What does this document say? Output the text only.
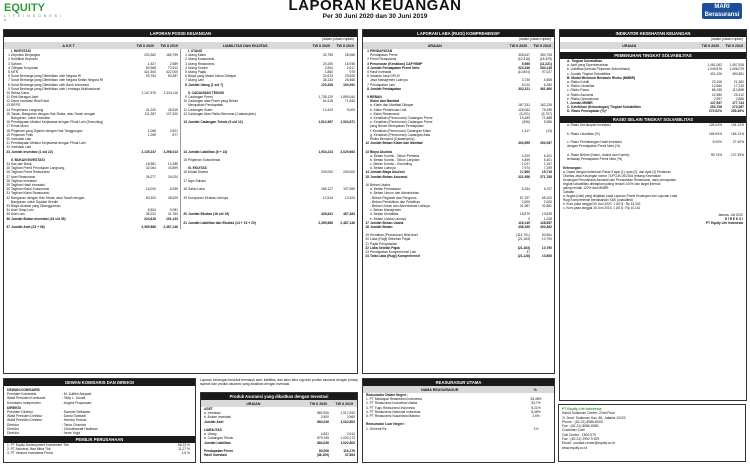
EQUITY
L I F E I N D O N E S I A
LAPORAN KEUANGAN
Per 30 Juni 2020 dan 30 Juni 2019
MARI Berasuransi
LAPORAN POSISI KEUANGAN
(dalam jutaan rupiah)
A S E T	TW II 2020	TW II 2019	LIABILITAS DAN EKUITAS	TW II 2020	TW II 2019
I. INVESTASI
1 Deposito Berjangka	230,362	165,799
2 Sertifikat Deposito
3 Saham	1,527	2,589
4 Obligasi Korporasi	84,968	73,912
5 MTN	421,500	422,000
6 Surat Berharga yang Diterbitkan oleh Negara RI	93,754	83,387
7 Surat Berharga yang Diterbitkan oleh Negara Selain Negara RI
8 Surat Berharga yang Diterbitkan oleh Bank Indonesia
9 Surat Berharga yang Diterbitkan oleh Lembaga Multinasional
10 Reksa Dana	1,147,575	1,334,116
11 Efek Beragun Aset
12 Dana Investasi Real Estat
13 REPO
14 Penyertaan Langsung	41,220	45,915
15 Tanah, Bangunan dengan Hak Strata, atau Tanah dengan	111,387	137,920
Bangunan, untuk Investasi
16 Pembiayaan Melalui Kerjasama dengan Pihak Lain (Executing)
17 Emas Murni
18 Pinjaman yang Dijamin dengan Hak Tanggungan	1,066	3,521
19 Pinjaman Polis	1,269	877
20 Investasi Lain
21 Pembiayaan Melalui Kerjasama dengan Pihak Lain
22 Investasi Lain
23 Jumlah Investasi (1 s/d 22)	2,135,247	2,296,013
II. BUKAN INVESTASI
24 Kas dan Bank	18,981	14,285
25 Tagihan Premi Penutupan Langsung	42,064	43,899
26 Tagihan Premi Reasuransi
27 Aset Reasuransi	26,277	34,024
28 Tagihan Investasi
29 Tagihan Hasil Investasi
30 Tagihan Klaim Koasuransi	16,020	8,935
31 Tagihan Klaim Reasuransi
32 Bangunan dengan Hak Strata, atau Tanah dengan	63,302	48,629
Bangunan untuk Dipakai Sendiri
33 Biaya Akuisisi yang Ditangguhkan
34 Aset Tetap Lain	8,504	9,081
35 Aset Lain	38,222	31,780
36 Jumlah Bukan Investasi (24 s/d 35)	224,618	191,133
37 Jumlah Aset (23 + 36)	2,359,866	2,487,146
I. UTANG
1 Utang Klaim	32,755	28,068
2 Utang Koasuransi
3 Utang Reasuransi	20,250	16,938
4 Utang Komisi	2,504	2,617
5 Utang Pajak	1,883	976
6 Biaya yang Masih Harus Dibayar	24,673	29,825
7 Utang Lain	38,143	26,566
8 Jumlah Utang (1 s/d 7)	120,208	104,992
II. CADANGAN TEKNIS
9 Cadangan Premi	1,738,129	1,859,044
10 Cadangan atas Premi yang Belum	64,418	71,540
Merupakan Pendapatan
11 Cadangan Klaim	10,420	9,003
12 Cadangan Atas Risiko Bencana (Catastrophic)
13 Jumlah Cadangan Teknis (9 s/d 12)	1,812,967	1,924,671
14 Jumlah Liabilitas (8 + 13)	1,933,224	2,029,663
15 Pinjaman Subordinasi
III. EKUITAS
16 Modal Disetor	249,000	249,000
17 Agio Saham
18 Saldo Laba	166,127	197,959
19 Komponen Ekuitas Lainnya	12,514	10,524
20 Jumlah Ekuitas (16 s/d 19)	426,641	457,483
21 Jumlah Liabilitas dan Ekuitas (14 + 15 + 20)	2,359,866	2,487,146
LAPORAN LABA (RUGI) KOMPREHENSIF
(dalam jutaan rupiah)
URAIAN	TW II 2020	TW II 2019
1 PENDAPATAN
Pendapatan Premi	328,647	350,708
2 Premi Reasuransi	(10,316)	(18,329)
3 Penurunan (Kenaikan) CAPYBMP	5,985	(11,221)
4 Jumlah Pendapatan Premi Neto	324,336	354,145
5 Hasil Investasi	(10,804)	97,027
6 Imbalan Jasa DPLK/
Jasa Manajemen Lainnya	3,730	4,508
7 Pendapatan Lain	5,010	6,280
8 Jumlah Pendapatan	302,311	461,960
9 BEBAN
Klaim dan Manfaat
a. Klaim dan Manfaat Dibayar	167,331	162,226
b. Klaim Penebusan Unit	128,062	76,299
c. Klaim Reasuransi	(6,201)	(6,707)
d. Kenaikan (Penurunan) Cadangan Premi	16,280	71,588
e. Kenaikan (Penurunan) Cadangan Premi	(906)	5,956
yang Belum Merupakan Pendapatan
f. Kenaikan (Penurunan) Cadangan Klaim	1,417	(13)
g. Kenaikan (Penurunan) Cadangan Atas
Risiko Bencana (Catastrophic)
12 Jumlah Beban Klaim dan Manfaat	304,555	252,067
13 Biaya Akuisisi
a. Beban Komisi - Tahun Pertama	4,200	6,201
b. Beban Komisi - Tahun Lanjutan	4,459	5,401
c. Beban Komisi - Overriding	1,027	1,157
d. Beban Lainnya	7,974	7,199
14 Jumlah Biaya Akuisisi	17,660	19,718
15 Jumlah Beban Asuransi	321,956	271,785
16 Beban Usaha
a. Beban Pemasaran	5,154	6,707
b. Beban Umum dan Administrasi
- Beban Pegawai dan Pengurus	57,197	65,100
- Beban Pendidikan dan Pelatihan	2,000	2,000
- Beban Umum dan Administrasi Lainnya	31,987	32,581
c. Beban Manajemen
d. Beban Mortalitas	18,879	19,839
e. Beban Usaha Lainnya	0	1,028
17 Jumlah Beban Usaha	116,149	128,657
18 Jumlah Beban	438,165	400,462
19 Kenaikan (Penurunan) Nilai Aset	(114,701)	50,661
20 Laba (Rugi) Sebelum Pajak	(21,163)	10,790
21 Pajak Penghasilan
22 Laba Setelah Pajak	(21,163)	10,790
23 Pendapatan Komprehensif Lain	37
24 Total Laba (Rugi) Komprehensif	(21,126)	10,806
INDIKATOR KESEHATAN KEUANGAN
(dalam jutaan rupiah)
URAIAN	TW II 2020	TW II 2019
PEMENUHAN TINGKAT SOLVABILITAS
A. Tingkat Solvabilitas
a. Aset yang Diperkenankan	1,461,062	1,457,928
b. Liabilitas (kecuali Pinjaman Subordinasi)	1,049,876	1,006,079
c. Jumlah Tingkat Solvabilitas	401,226	450,851
B. Modal Minimum Berbasis Risiko (MMBR)
a. Risiko Kredit	23,106	21,362
b. Risiko Likuiditas	12,660	17,215
c. Risiko Pasar	86,155	110,898
d. Risiko Asuransi	22,980	25,412
e. Risiko Operasional	2,597	2,865
f. Jumlah MMBR	147,537	177,744
C. Kelebihan (Kekurangan) Tingkat Solvabilitas	253,708	273,087
D. Rasio Pencapaian (%)*	272.02%	253.46%
RASIO SELAIN TINGKAT SOLVABILITAS
a. Rasio Kecukupan Investasi	126.24%	134.12%
b. Rasio Likuiditas (%)	165.94%	165.12%
c. Rasio Perimbangan Hasil Investasi	-9,00%	27.40%
dengan Pendapatan Premi Neto (%)
d. Rasio Beban (Klaim, Usaha dan Komisi)	99.74%	127.39%
terhadap Pendapatan Premi Neto (%)
Keterangan :
a. Dasar dengan ketentuan Pasal 3 ayat (1), ayat (2), dan ayat (3) Peraturan
Otoritas Jasa Keuangan nomor 71/POJK.05/2016 tentang Kesehatan
Keuangan Perusahaan Asuransi dan Perusahaan Reasuransi, rasio pencapaian
tingkat solvabilitas ditetapkan paling rendah 100% dan target internal
paling rendah 120% dari MMBR.
Catatan :
a. Angka (nilai) yang disajikan pada Laporan Posisi Keuangan dan Laporan Laba
Rugi Komprehensif berdasarkan SAK (unaudited)
b. Kurs pada tanggal 30 Juni 2020, 1 US $ : Rp 14,302
c. Kurs pada tanggal 30 Juni 2019, 1 US $ : Rp 14,141
Jakarta, Juli 2020
D I R E K S I
PT Equity Life Indonesia
DEWAN KOMISARIS DAN DIREKSI
DEWAN KOMISARIS
Presiden Komisaris	: M. Zulfikri Abuyaki
Wakil Presiden Komisaris	: Tetty L. Gozali
Komisaris Independen	: Angeni Pusparsari
DIREKSI
Presiden Direktur	: Samuel Setiawan
Wakil Presiden Direktur	: David Sostradi
Wakil Presiden Direktur	: Hendry Teotoki
Direktur	: Tania Chandra
Direktur	: Christinawati Hadiman
Direktur	: Irene Yoga
PEMILIK PERUSAHAAN
1. PT Equity Development Investment Tbk	58,23 %
2. PT Asuransi Jiwa Mitra Tbk	11,27 %
3. PT Ventura Investama Prima	1,5 %
Laporan keuangan tersebut termasuk aset, liabilitas, dan akun laba rugi dari produk asuransi dengan prinsip syariah dan produk asuransi yang dikaitkan dengan investasi.
Produk Asuransi yang dikaitkan dengan Investasi
URAIAN	TW II 2020	TW II 2019
ASET
a. Investasi	880,526	1,017,843
b. Bukan Investasi	3,500	3,960
Jumlah Aset	884,026	1,022,803
LIABILITAS
a. Utang	4,831	2,610
b. Cadangan Teknis	879,195	1,020,173
Jumlah Liabilitas	884,026	1,022,803
Pendapatan Premi	80,006	116,176
Hasil Investasi	(38,109)	47,894
REASURADUR UTAMA
NAMA REASURADUR	%
Reasuradur Dalam Negeri :
1. PT Maskapai Reasuransi Indonesia	28,48%
2. PT Reasuransi Indonesia Utama	53,7%
3. PT Tugu Reasuransi Indonesia	6,21%
4. PT Reasuransi Nasional Indonesia	8,48%
5. PT Reasuransi Nusantara Makmur	2,6%
Reasuradur Luar Negeri :
1. General Re	1%
PT Equity Life Indonesia
Sahid Sudirman Center, 22nd Floor
Jl. Jend. Sudirman Kav. 86, Jakarta 10220
Phone : (62-21) 8086-8000
Fax : (62-21) 8086-8080
Customer Care
Call Center : 1500 079
Fax : (62-21) 2992 9 529
Email : contact.center@equity.co.id
www.equity.co.id
